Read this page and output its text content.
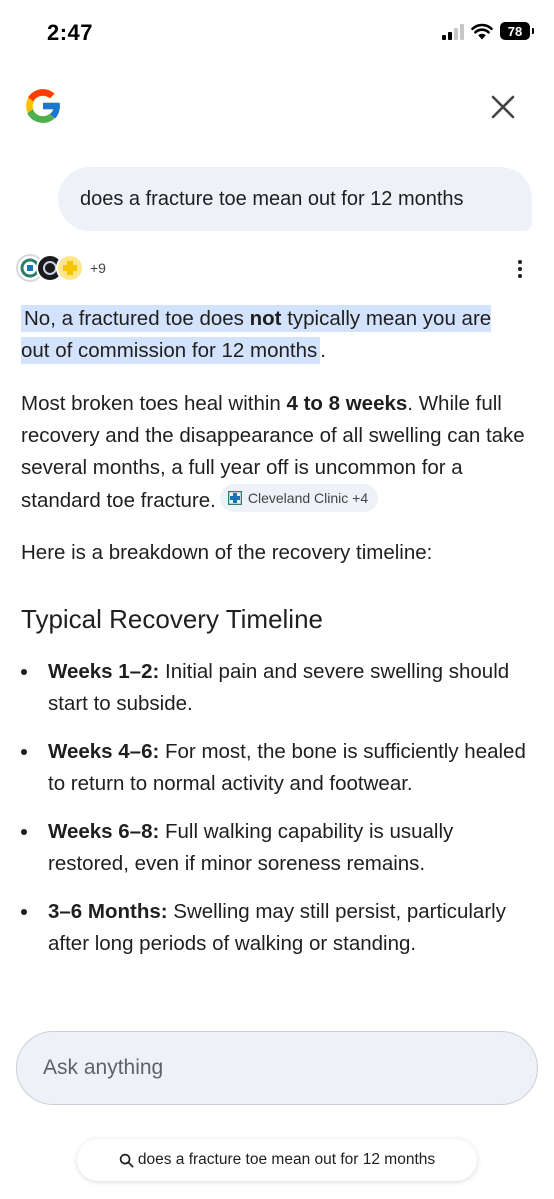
2:47	78
does a fracture toe mean out for 12 months
+9
No, a fractured toe does not typically mean you are out of commission for 12 months .
Most broken toes heal within 4 to 8 weeks. While full recovery and the disappearance of all swelling can take several months, a full year off is uncommon for a standard toe fracture. Cleveland Clinic +4
Here is a breakdown of the recovery timeline:
Typical Recovery Timeline
Weeks 1–2: Initial pain and severe swelling should start to subside.
Weeks 4–6: For most, the bone is sufficiently healed to return to normal activity and footwear.
Weeks 6–8: Full walking capability is usually restored, even if minor soreness remains.
3–6 Months: Swelling may still persist, particularly after long periods of walking or standing.
Ask anything
does a fracture toe mean out for 12 months
